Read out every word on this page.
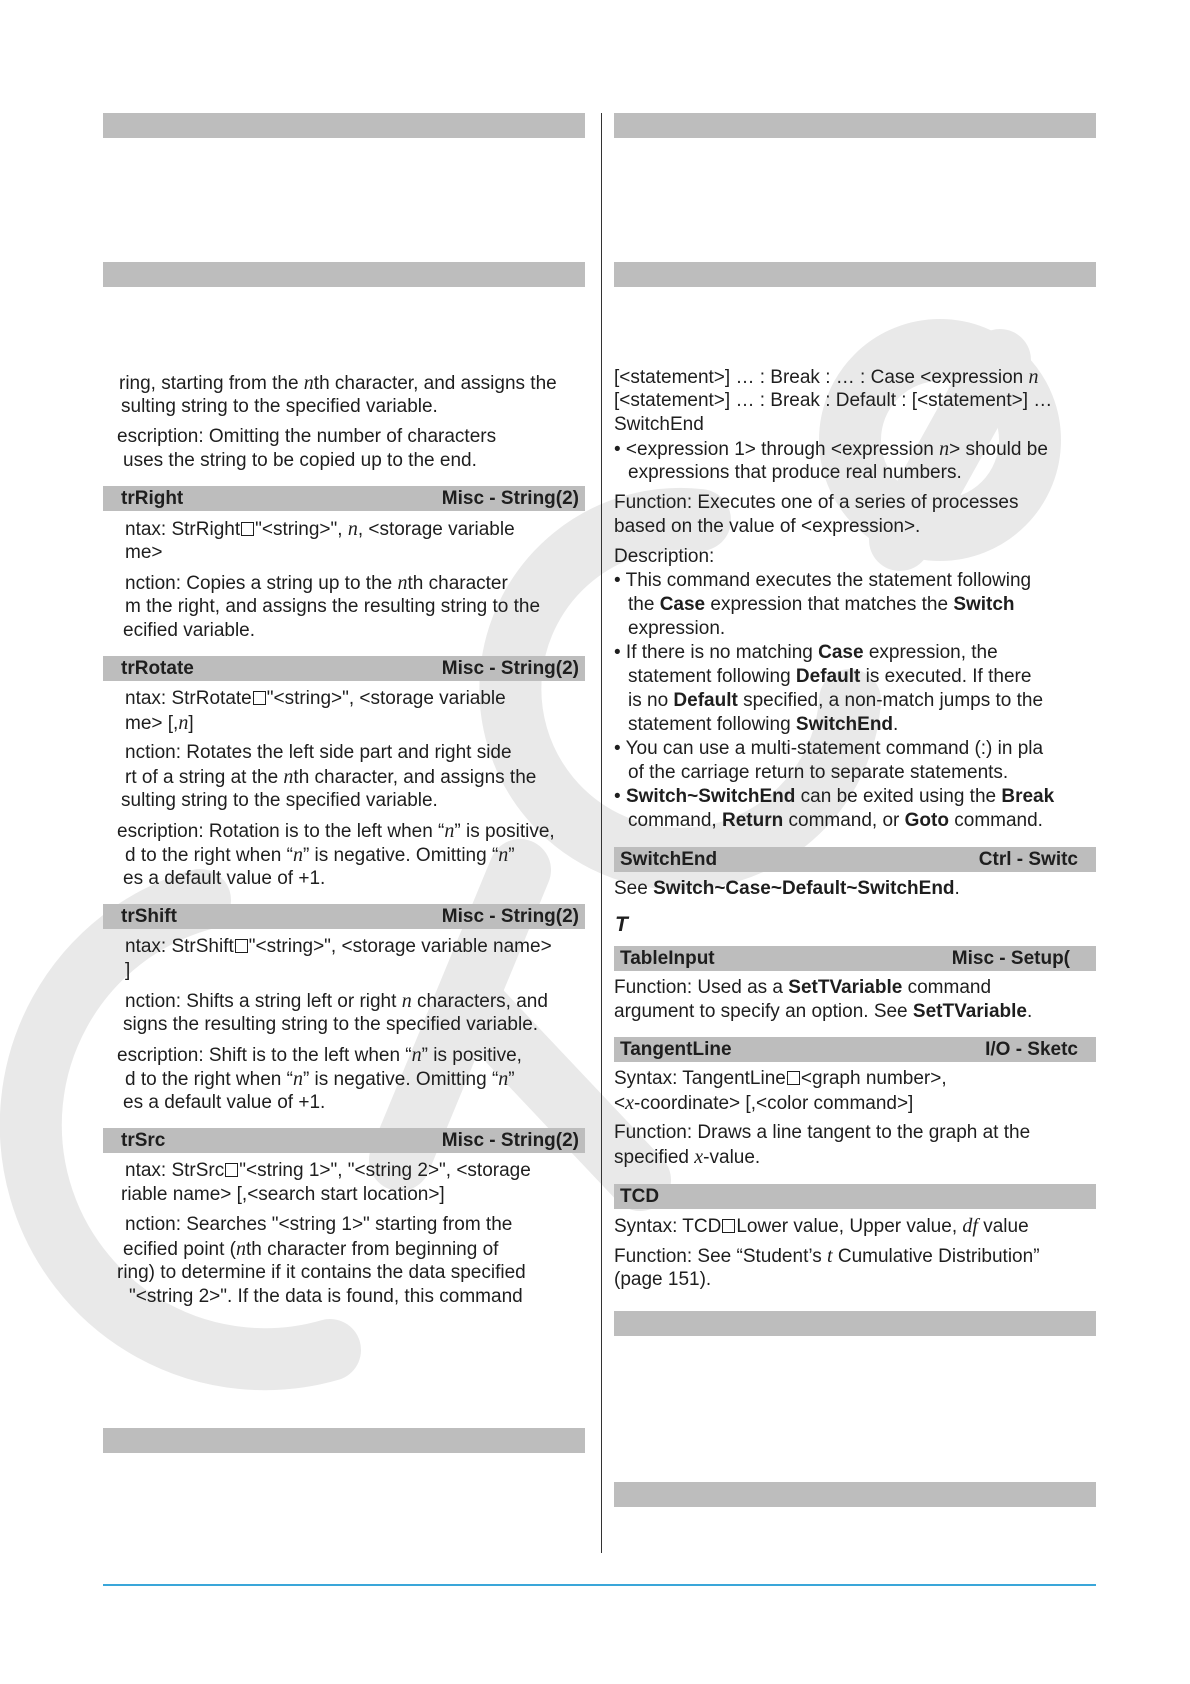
ring, starting from the nth character, and assigns the
sulting string to the specified variable.
escription: Omitting the number of characters
uses the string to be copied up to the end.
trRight	Misc - String(2)
ntax: StrRight "<string>", n, <storage variable
me>
nction: Copies a string up to the nth character
m the right, and assigns the resulting string to the
ecified variable.
trRotate	Misc - String(2)
ntax: StrRotate "<string>", <storage variable
me> [,n]
nction: Rotates the left side part and right side
rt of a string at the nth character, and assigns the
sulting string to the specified variable.
escription: Rotation is to the left when “n” is positive,
d to the right when “n” is negative. Omitting “n”
es a default value of +1.
trShift	Misc - String(2)
ntax: StrShift "<string>", <storage variable name>
]
nction: Shifts a string left or right n characters, and
signs the resulting string to the specified variable.
escription: Shift is to the left when “n” is positive,
d to the right when “n” is negative. Omitting “n”
es a default value of +1.
trSrc	Misc - String(2)
ntax: StrSrc "<string 1>", "<string 2>", <storage
riable name> [,<search start location>]
nction: Searches "<string 1>" starting from the
ecified point (nth character from beginning of
ring) to determine if it contains the data specified
"<string 2>". If the data is found, this command
[<statement>] … : Break : … : Case <expression n
[<statement>] … : Break : Default : [<statement>] …
SwitchEnd
• <expression 1> through <expression n> should be
expressions that produce real numbers.
Function: Executes one of a series of processes
based on the value of <expression>.
Description:
• This command executes the statement following
the Case expression that matches the Switch
expression.
• If there is no matching Case expression, the
statement following Default is executed. If there
is no Default specified, a non-match jumps to the
statement following SwitchEnd.
• You can use a multi-statement command (:) in pla
of the carriage return to separate statements.
• Switch~SwitchEnd can be exited using the Break
command, Return command, or Goto command.
SwitchEnd	Ctrl - Switc
See Switch~Case~Default~SwitchEnd.
T
TableInput	Misc - Setup(
Function: Used as a SetTVariable command
argument to specify an option. See SetTVariable.
TangentLine	I/O - Sketc
Syntax: TangentLine <graph number>,
<x-coordinate> [,<color command>]
Function: Draws a line tangent to the graph at the
specified x-value.
TCD
Syntax: TCD Lower value, Upper value, df value
Function: See “Student’s t Cumulative Distribution”
(page 151).
